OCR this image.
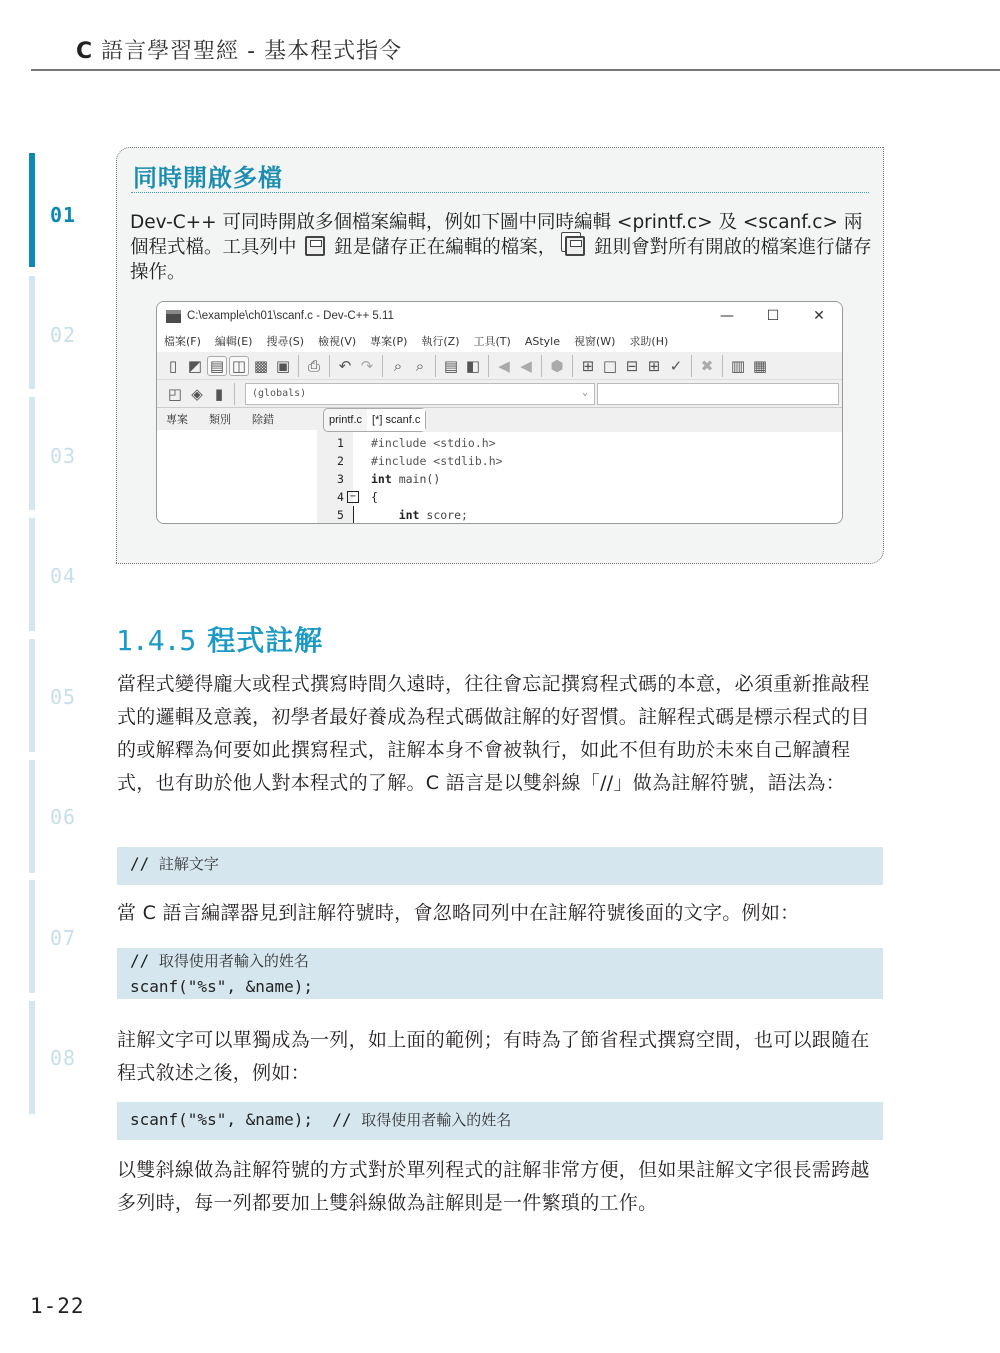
C 語言學習聖經 - 基本程式指令
01
02
03
04
05
06
07
08
同時開啟多檔
Dev-C++ 可同時開啟多個檔案編輯，例如下圖中同時編輯 <printf.c> 及 <scanf.c> 兩個程式檔。工具列中 鈕是儲存正在編輯的檔案， 鈕則會對所有開啟的檔案進行儲存操作。
C:\example\ch01\scanf.c - Dev-C++ 5.11	—	☐	✕
檔案(F) 編輯(E) 搜尋(S) 檢視(V) 專案(P) 執行(Z) 工具(T) AStyle 視窗(W) 求助(H)
▯ ◩ ▤ ◫ ▩ ▣ ⎙ ↶ ↷	⌕ ⌕	▤ ◧ ◀ ◀ ⬢ ⊞ □ ⊟ ⊞ ✓ ✖ ▥ ▦
◰ ◈ ▮	(globals)	⌄
專案 類別 除錯	printf.c [*] scanf.c
1	#include <stdio.h>
2	#include <stdlib.h>
3	int main()
4 −	{
5	int score;
1.4.5 程式註解
當程式變得龐大或程式撰寫時間久遠時，往往會忘記撰寫程式碼的本意，必須重新推敲程式的邏輯及意義，初學者最好養成為程式碼做註解的好習慣。註解程式碼是標示程式的目的或解釋為何要如此撰寫程式，註解本身不會被執行，如此不但有助於未來自己解讀程式，也有助於他人對本程式的了解。C 語言是以雙斜線「//」做為註解符號，語法為：
// 註解文字
當 C 語言編譯器見到註解符號時，會忽略同列中在註解符號後面的文字。例如：
// 取得使用者輸入的姓名
scanf("%s", &name);
註解文字可以單獨成為一列，如上面的範例；有時為了節省程式撰寫空間，也可以跟隨在程式敘述之後，例如：
scanf("%s", &name);  // 取得使用者輸入的姓名
以雙斜線做為註解符號的方式對於單列程式的註解非常方便，但如果註解文字很長需跨越多列時，每一列都要加上雙斜線做為註解則是一件繁瑣的工作。
1-22
